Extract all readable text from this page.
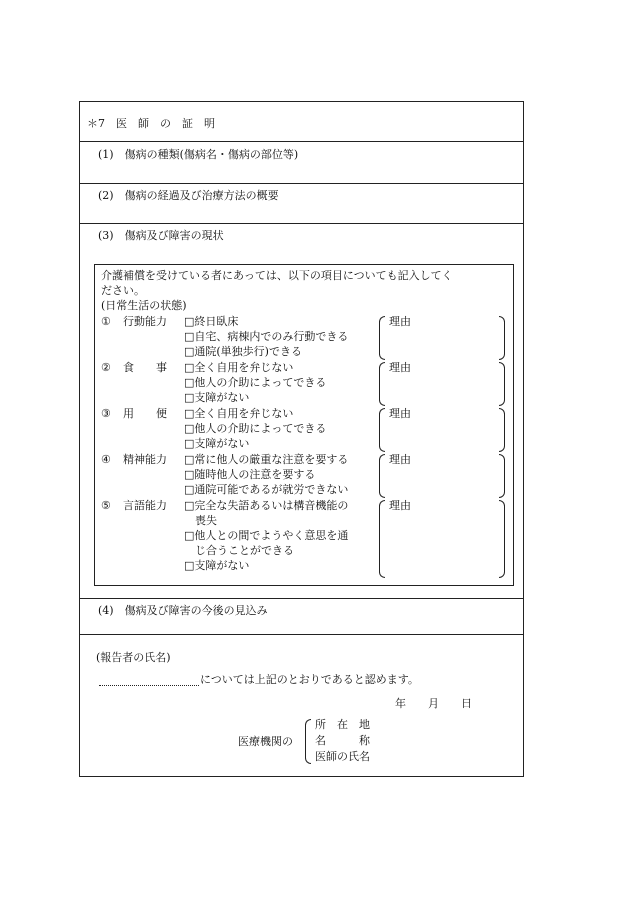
＊7　医　師　の　証　明
(1)　傷病の種類(傷病名・傷病の部位等)
(2)　傷病の経過及び治療方法の概要
(3)　傷病及び障害の現状
介護補償を受けている者にあっては、以下の項目についても記入してく
ださい。
(日常生活の状態)
① 行動能力 □終日臥床
□自宅、病棟内でのみ行動できる
□通院(単独歩行)できる
理由
② 食　　事 □全く自用を弁じない
□他人の介助によってできる
□支障がない
理由
③ 用　　便 □全く自用を弁じない
□他人の介助によってできる
□支障がない
理由
④ 精神能力 □常に他人の厳重な注意を要する
□随時他人の注意を要する
□通院可能であるが就労できない
理由
⑤ 言語能力 □完全な失語あるいは構音機能の
　喪失
□他人との間でようやく意思を通
　じ合うことができる
□支障がない
理由
(4)　傷病及び障害の今後の見込み
(報告者の氏名)
については上記のとおりであると認めます。
年　　月　　日
医療機関の
所　在　地
名　　　称
医師の氏名
